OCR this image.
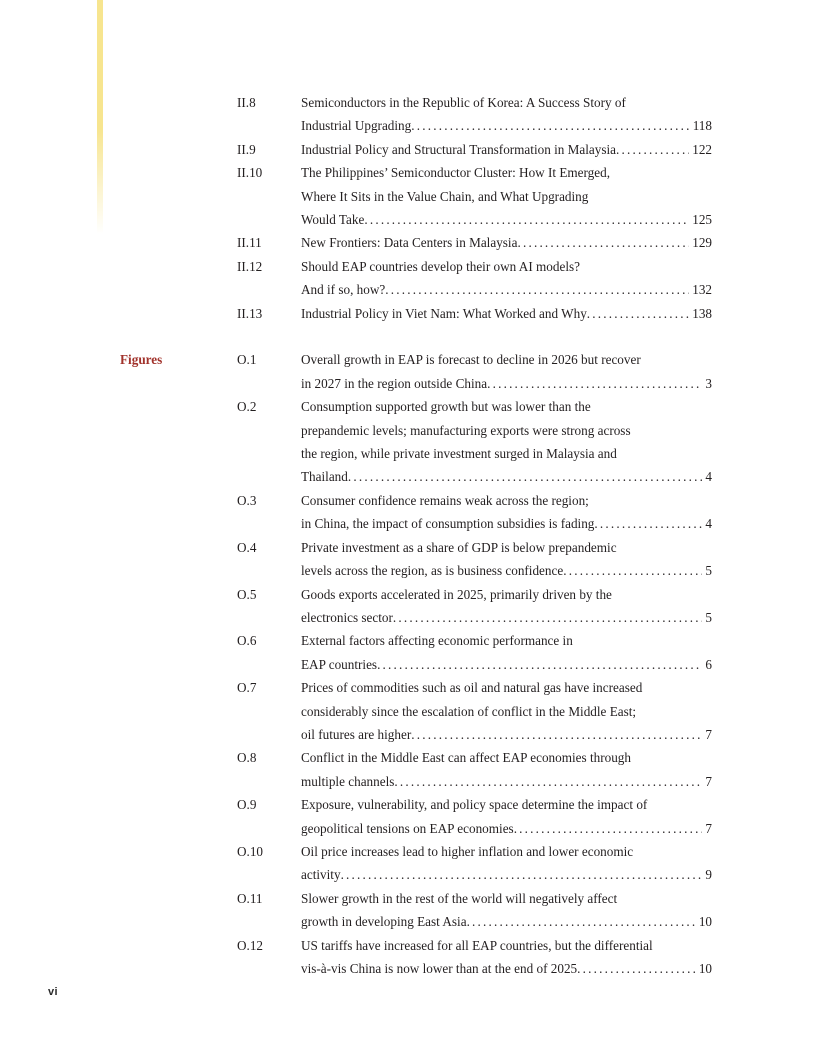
II.8	Semiconductors in the Republic of Korea: A Success Story of
Industrial Upgrading .....	118
II.9	Industrial Policy and Structural Transformation in Malaysia .....	122
II.10	The Philippines’ Semiconductor Cluster: How It Emerged,
Where It Sits in the Value Chain, and What Upgrading
Would Take .....	125
II.11	New Frontiers: Data Centers in Malaysia .....	129
II.12	Should EAP countries develop their own AI models?
And if so, how? .....	132
II.13	Industrial Policy in Viet Nam: What Worked and Why .....	138
Figures	O.1	Overall growth in EAP is forecast to decline in 2026 but recover
in 2027 in the region outside China .....	3
O.2	Consumption supported growth but was lower than the
prepandemic levels; manufacturing exports were strong across
the region, while private investment surged in Malaysia and
Thailand .....	4
O.3	Consumer confidence remains weak across the region;
in China, the impact of consumption subsidies is fading .....	4
O.4	Private investment as a share of GDP is below prepandemic
levels across the region, as is business confidence .....	5
O.5	Goods exports accelerated in 2025, primarily driven by the
electronics sector .....	5
O.6	External factors affecting economic performance in
EAP countries .....	6
O.7	Prices of commodities such as oil and natural gas have increased
considerably since the escalation of conflict in the Middle East;
oil futures are higher .....	7
O.8	Conflict in the Middle East can affect EAP economies through
multiple channels .....	7
O.9	Exposure, vulnerability, and policy space determine the impact of
geopolitical tensions on EAP economies .....	7
O.10	Oil price increases lead to higher inflation and lower economic
activity .....	9
O.11	Slower growth in the rest of the world will negatively affect
growth in developing East Asia .....	10
O.12	US tariffs have increased for all EAP countries, but the differential
vis-à-vis China is now lower than at the end of 2025 .....	10
vi
